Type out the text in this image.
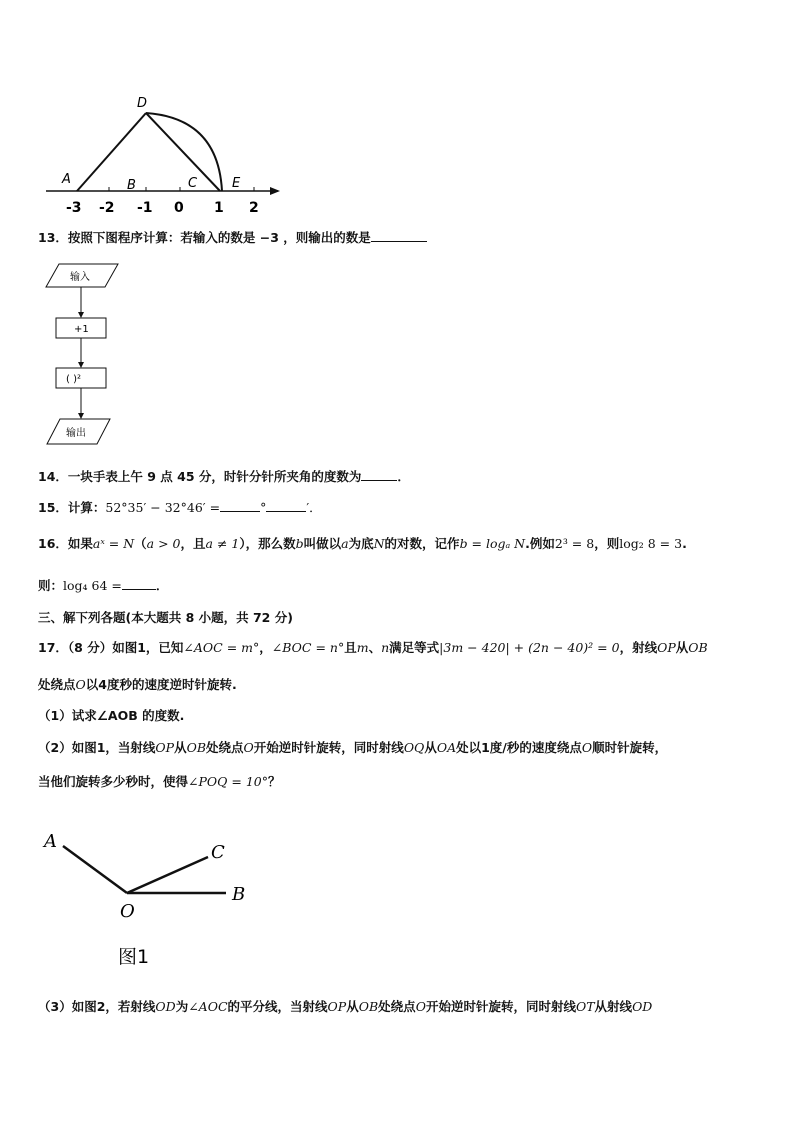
D
A	B	C	E
-3 -2 -1 0 1 2
13．按照下图程序计算：若输入的数是 −3 ，则输出的数是
输入
+1
( )²
输出
14．一块手表上午 9 点 45 分，时针分针所夹角的度数为	．
15．计算：52°35′ − 32°46′ =	°	′．
16．如果aˣ = N（a > 0，且a ≠ 1），那么数b叫做以a为底N的对数，记作b = logₐ N.例如2³ = 8，则log₂ 8 = 3.
则：log₄ 64 =	．
三、解下列各题(本大题共 8 小题，共 72 分)
17．（8 分）如图1，已知∠AOC = m°，∠BOC = n°且m、n满足等式|3m − 420| + (2n − 40)² = 0，射线OP从OB
处绕点O以4度秒的速度逆时针旋转.
（1）试求∠AOB 的度数.
（2）如图1，当射线OP从OB处绕点O开始逆时针旋转，同时射线OQ从OA处以1度/秒的速度绕点O顺时针旋转，
当他们旋转多少秒时，使得∠POQ = 10°？
A
C
O
B
图1
（3）如图2，若射线OD为∠AOC的平分线，当射线OP从OB处绕点O开始逆时针旋转，同时射线OT从射线OD
